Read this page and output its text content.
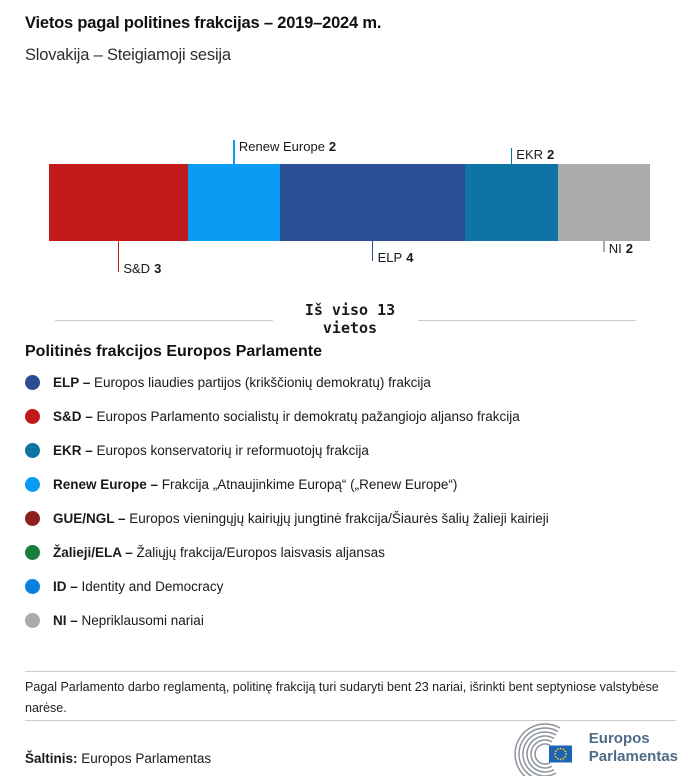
Vietos pagal politines frakcijas – 2019–2024 m.
Slovakija – Steigiamoji sesija
S&D 3
Renew Europe 2
ELP 4
EKR 2
NI 2
Iš viso 13
vietos
Politinės frakcijos Europos Parlamente
ELP – Europos liaudies partijos (krikščionių demokratų) frakcija
S&D – Europos Parlamento socialistų ir demokratų pažangiojo aljanso frakcija
EKR – Europos konservatorių ir reformuotojų frakcija
Renew Europe – Frakcija „Atnaujinkime Europą“ („Renew Europe“)
GUE/NGL – Europos vieningųjų kairiųjų jungtinė frakcija/Šiaurės šalių žalieji kairieji
Žalieji/ELA – Žaliųjų frakcija/Europos laisvasis aljansas
ID – Identity and Democracy
NI – Nepriklausomi nariai
Pagal Parlamento darbo reglamentą, politinę frakciją turi sudaryti bent 23 nariai, išrinkti bent septyniose valstybėse narėse.
Šaltinis: Europos Parlamentas
Europos
Parlamentas
